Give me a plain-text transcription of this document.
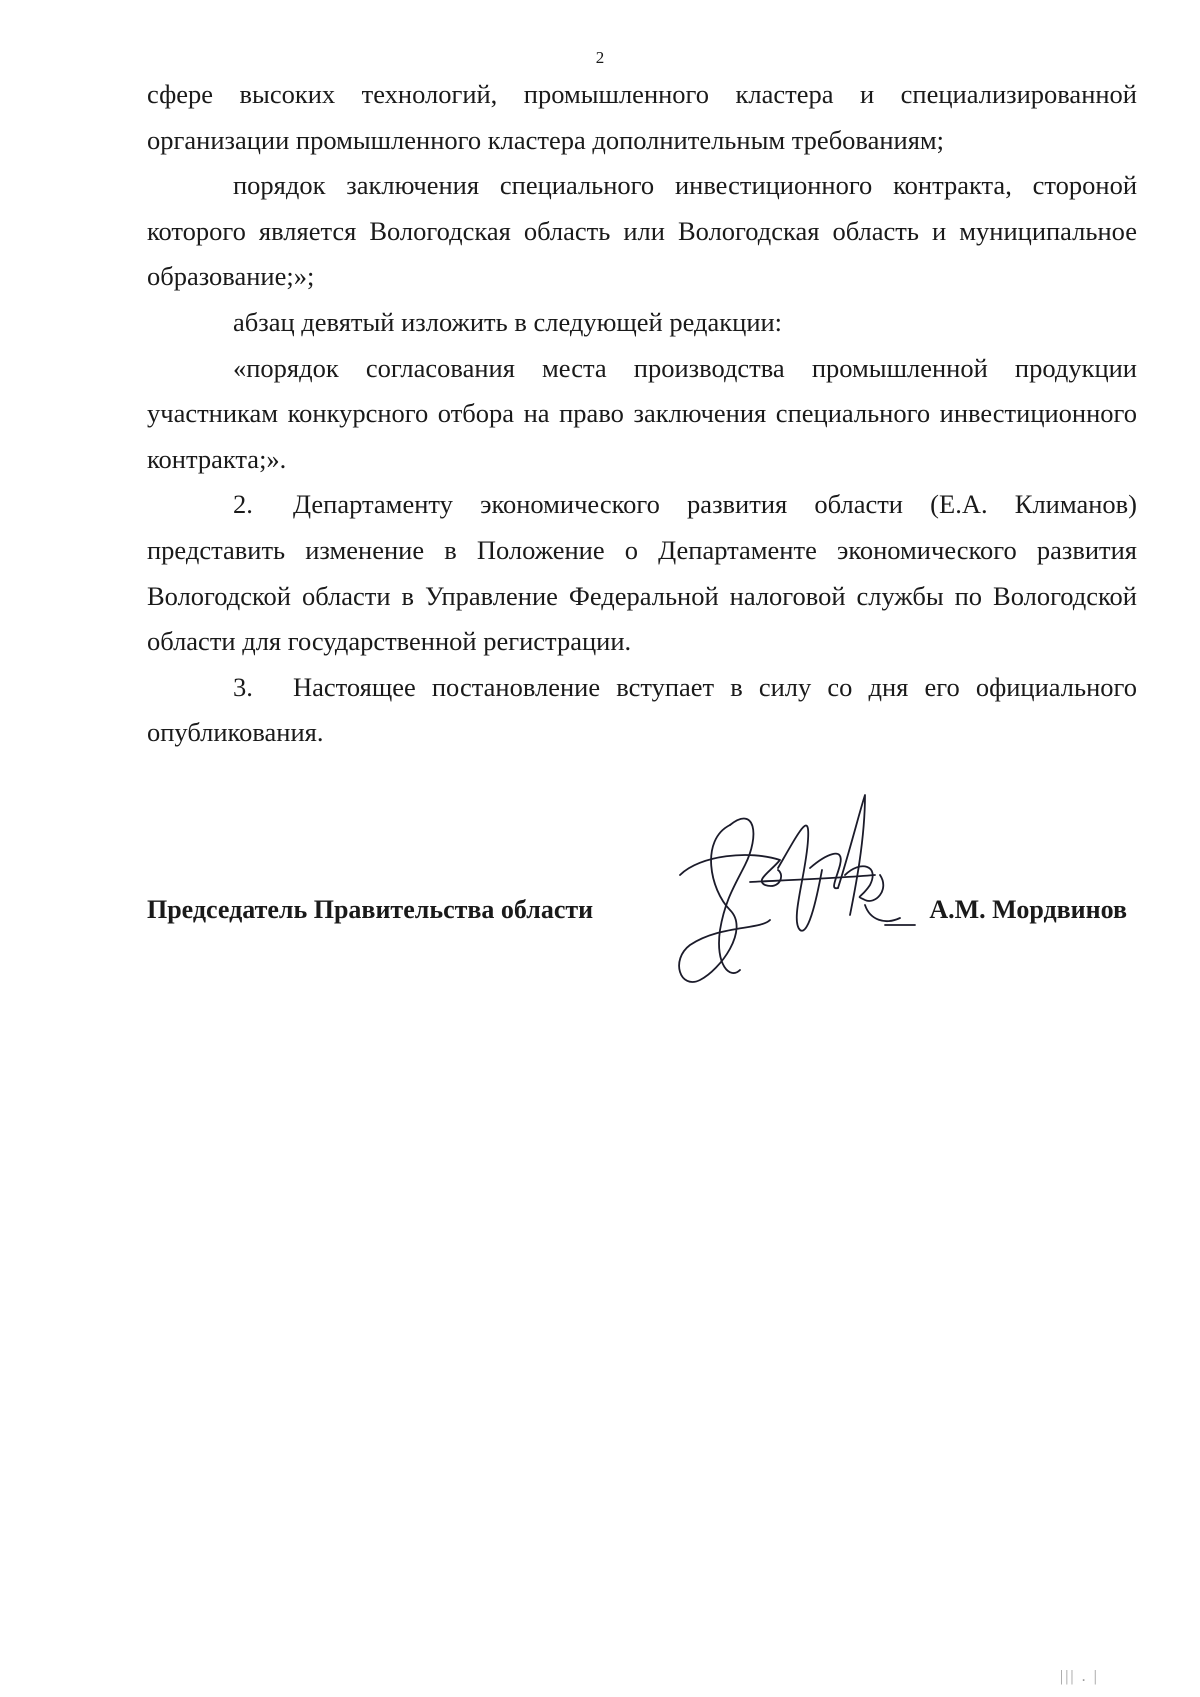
2

сфере высоких технологий, промышленного кластера и специализированной организации промышленного кластера дополнительным требованиям;

порядок заключения специального инвестиционного контракта, стороной которого является Вологодская область или Вологодская область и муниципальное образование;»;

абзац девятый изложить в следующей редакции:

«порядок согласования места производства промышленной продукции участникам конкурсного отбора на право заключения специального инвестиционного контракта;».

2. Департаменту экономического развития области (Е.А. Климанов) представить изменение в Положение о Департаменте экономического развития Вологодской области в Управление Федеральной налоговой службы по Вологодской области для государственной регистрации.

3. Настоящее постановление вступает в силу со дня его официального опубликования.

Председатель Правительства области	А.М. Мордвинов
||| . |
